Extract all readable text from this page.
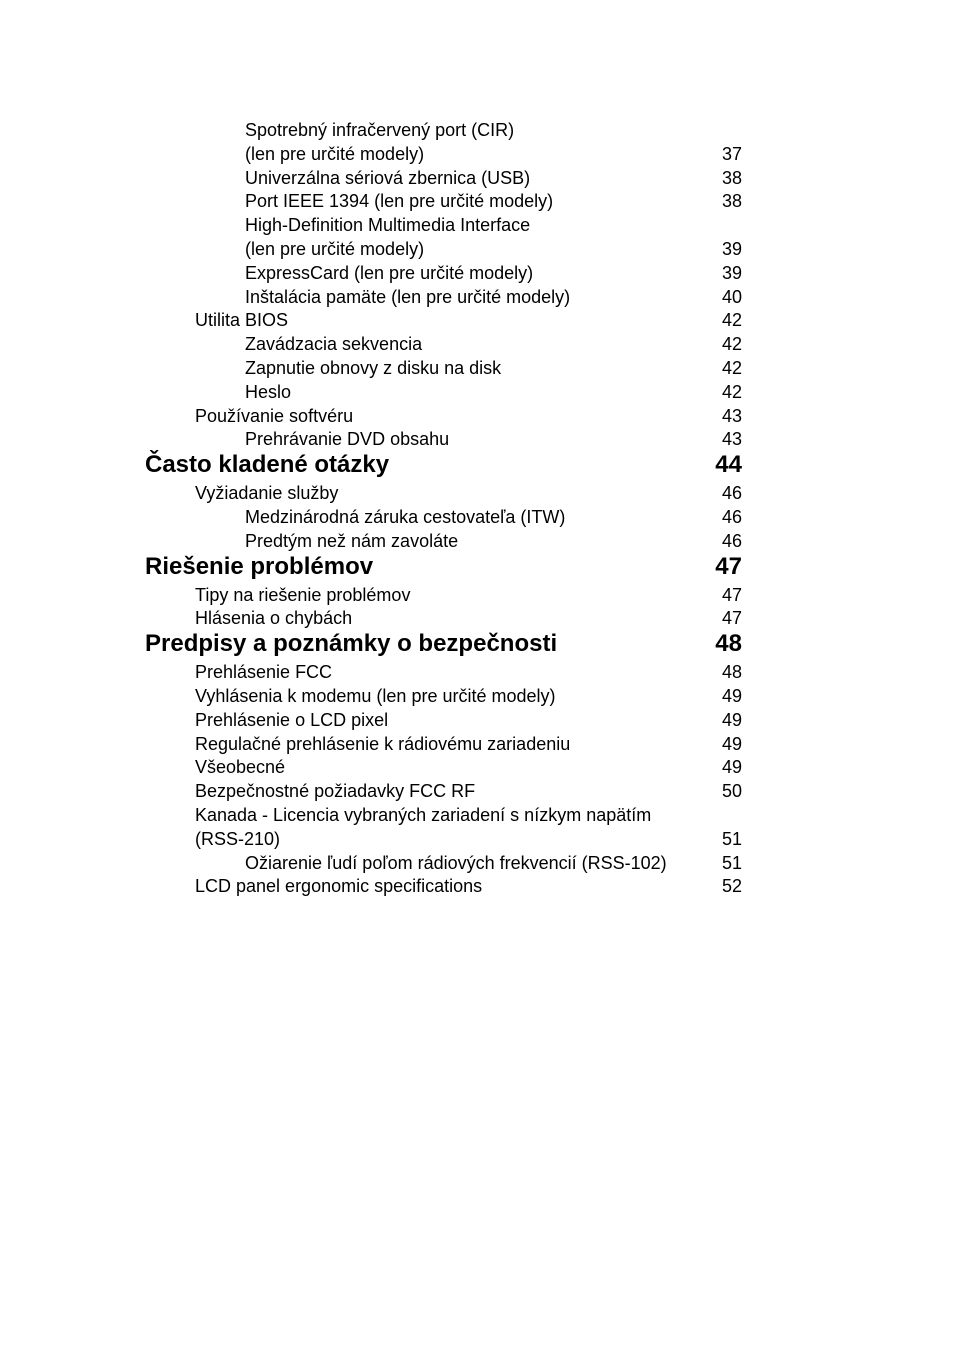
Spotrebný infračervený port (CIR)
(len pre určité modely)	37
Univerzálna sériová zbernica (USB)	38
Port IEEE 1394 (len pre určité modely)	38
High-Definition Multimedia Interface
(len pre určité modely)	39
ExpressCard (len pre určité modely)	39
Inštalácia pamäte (len pre určité modely)	40
Utilita BIOS	42
Zavádzacia sekvencia	42
Zapnutie obnovy z disku na disk	42
Heslo	42
Používanie softvéru	43
Prehrávanie DVD obsahu	43
Často kladené otázky	44
Vyžiadanie služby	46
Medzinárodná záruka cestovateľa (ITW)	46
Predtým než nám zavoláte	46
Riešenie problémov	47
Tipy na riešenie problémov	47
Hlásenia o chybách	47
Predpisy a poznámky o bezpečnosti	48
Prehlásenie FCC	48
Vyhlásenia k modemu (len pre určité modely)	49
Prehlásenie o LCD pixel	49
Regulačné prehlásenie k rádiovému zariadeniu	49
Všeobecné	49
Bezpečnostné požiadavky FCC RF	50
Kanada - Licencia vybraných zariadení s nízkym napätím
(RSS-210)	51
Ožiarenie ľudí poľom rádiových frekvencií (RSS-102)	51
LCD panel ergonomic specifications	52
